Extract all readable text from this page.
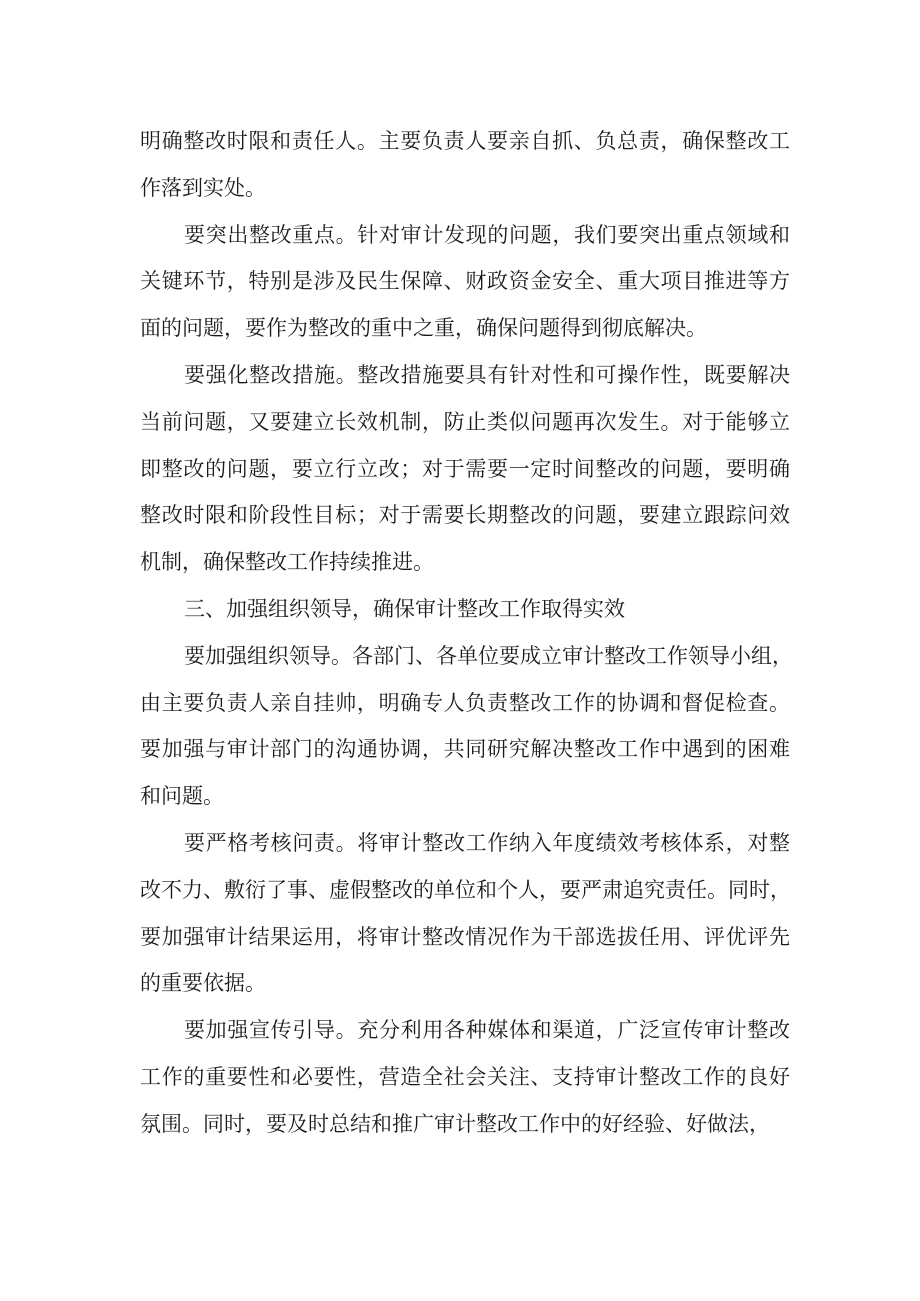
明确整改时限和责任人。主要负责人要亲自抓、负总责，确保整改工
作落到实处。
要突出整改重点。针对审计发现的问题，我们要突出重点领域和
关键环节，特别是涉及民生保障、财政资金安全、重大项目推进等方
面的问题，要作为整改的重中之重，确保问题得到彻底解决。
要强化整改措施。整改措施要具有针对性和可操作性，既要解决
当前问题，又要建立长效机制，防止类似问题再次发生。对于能够立
即整改的问题，要立行立改；对于需要一定时间整改的问题，要明确
整改时限和阶段性目标；对于需要长期整改的问题，要建立跟踪问效
机制，确保整改工作持续推进。
三、加强组织领导，确保审计整改工作取得实效
要加强组织领导。各部门、各单位要成立审计整改工作领导小组，
由主要负责人亲自挂帅，明确专人负责整改工作的协调和督促检查。
要加强与审计部门的沟通协调，共同研究解决整改工作中遇到的困难
和问题。
要严格考核问责。将审计整改工作纳入年度绩效考核体系，对整
改不力、敷衍了事、虚假整改的单位和个人，要严肃追究责任。同时，
要加强审计结果运用，将审计整改情况作为干部选拔任用、评优评先
的重要依据。
要加强宣传引导。充分利用各种媒体和渠道，广泛宣传审计整改
工作的重要性和必要性，营造全社会关注、支持审计整改工作的良好
氛围。同时，要及时总结和推广审计整改工作中的好经验、好做法，
